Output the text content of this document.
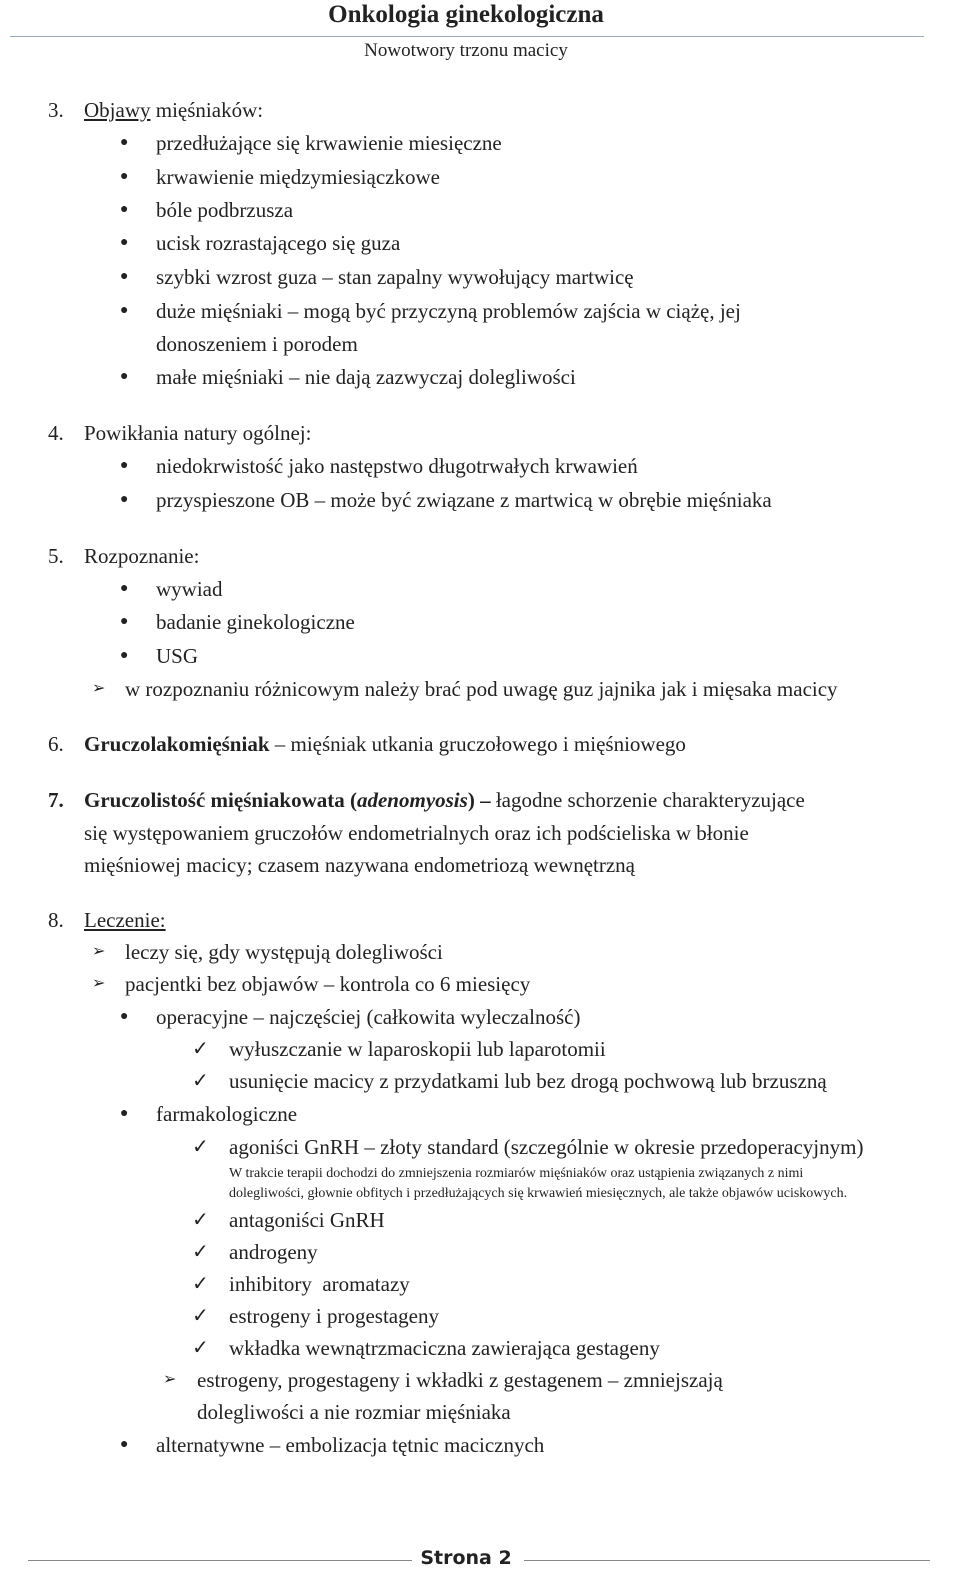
Onkologia ginekologiczna
Nowotwory trzonu macicy
3. Objawy mięśniaków:
● przedłużające się krwawienie miesięczne
● krwawienie międzymiesiączkowe
● bóle podbrzusza
● ucisk rozrastającego się guza
● szybki wzrost guza – stan zapalny wywołujący martwicę
● duże mięśniaki – mogą być przyczyną problemów zajścia w ciążę, jej
donoszeniem i porodem
● małe mięśniaki – nie dają zazwyczaj dolegliwości
4. Powikłania natury ogólnej:
● niedokrwistość jako następstwo długotrwałych krwawień
● przyspieszone OB – może być związane z martwicą w obrębie mięśniaka
5. Rozpoznanie:
● wywiad
● badanie ginekologiczne
● USG
➢ w rozpoznaniu różnicowym należy brać pod uwagę guz jajnika jak i mięsaka macicy
6. Gruczolakomięśniak – mięśniak utkania gruczołowego i mięśniowego
7. Gruczolistość mięśniakowata (adenomyosis) – łagodne schorzenie charakteryzujące
się występowaniem gruczołów endometrialnych oraz ich podścieliska w błonie
mięśniowej macicy; czasem nazywana endometriozą wewnętrzną
8. Leczenie:
➢ leczy się, gdy występują dolegliwości
➢ pacjentki bez objawów – kontrola co 6 miesięcy
● operacyjne – najczęściej (całkowita wyleczalność)
✓ wyłuszczanie w laparoskopii lub laparotomii
✓ usunięcie macicy z przydatkami lub bez drogą pochwową lub brzuszną
● farmakologiczne
✓ agoniści GnRH – złoty standard (szczególnie w okresie przedoperacyjnym)
W trakcie terapii dochodzi do zmniejszenia rozmiarów mięśniaków oraz ustąpienia związanych z nimi
dolegliwości, głownie obfitych i przedłużających się krwawień miesięcznych, ale także objawów uciskowych.
✓ antagoniści GnRH
✓ androgeny
✓ inhibitory  aromatazy
✓ estrogeny i progestageny
✓ wkładka wewnątrzmaciczna zawierająca gestageny
➢ estrogeny, progestageny i wkładki z gestagenem – zmniejszają
dolegliwości a nie rozmiar mięśniaka
● alternatywne – embolizacja tętnic macicznych
Strona 2
